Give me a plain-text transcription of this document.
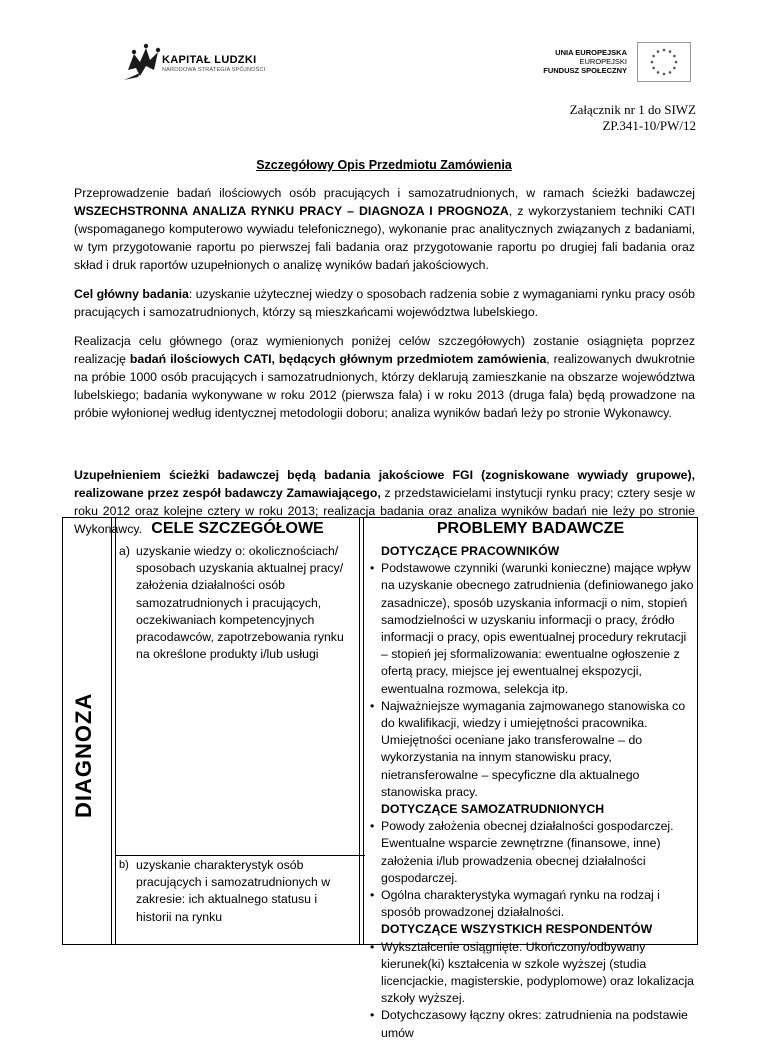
KAPITAŁ LUDZKI
NARODOWA STRATEGIA SPÓJNOŚCI
UNIA EUROPEJSKA
EUROPEJSKI
FUNDUSZ SPOŁECZNY
Załącznik nr 1 do SIWZ
ZP.341-10/PW/12
Szczegółowy Opis Przedmiotu Zamówienia
Przeprowadzenie badań ilościowych osób pracujących i samozatrudnionych, w ramach ścieżki badawczej WSZECHSTRONNA ANALIZA RYNKU PRACY – DIAGNOZA I PROGNOZA, z wykorzystaniem techniki CATI (wspomaganego komputerowo wywiadu telefonicznego), wykonanie prac analitycznych związanych z badaniami, w tym przygotowanie raportu po pierwszej fali badania oraz przygotowanie raportu po drugiej fali badania oraz skład i druk raportów uzupełnionych o analizę wyników badań jakościowych.
Cel główny badania: uzyskanie użytecznej wiedzy o sposobach radzenia sobie z wymaganiami rynku pracy osób pracujących i samozatrudnionych, którzy są mieszkańcami województwa lubelskiego.
Realizacja celu głównego (oraz wymienionych poniżej celów szczegółowych) zostanie osiągnięta poprzez realizację badań ilościowych CATI, będących głównym przedmiotem zamówienia, realizowanych dwukrotnie na próbie 1000 osób pracujących i samozatrudnionych, którzy deklarują zamieszkanie na obszarze województwa lubelskiego; badania wykonywane w roku 2012 (pierwsza fala) i w roku 2013 (druga fala) będą prowadzone na próbie wyłonionej według identycznej metodologii doboru; analiza wyników badań leży po stronie Wykonawcy.
Uzupełnieniem ścieżki badawczej będą badania jakościowe FGI (zogniskowane wywiady grupowe), realizowane przez zespół badawczy Zamawiającego, z przedstawicielami instytucji rynku pracy; cztery sesje w roku 2012 oraz kolejne cztery w roku 2013; realizacja badania oraz analiza wyników badań nie leży po stronie Wykonawcy.
DIAGNOZA
CELE SZCZEGÓŁOWE	PROBLEMY BADAWCZE
a) uzyskanie wiedzy o: okolicznościach/ sposobach uzyskania aktualnej pracy/ założenia działalności osób samozatrudnionych i pracujących, oczekiwaniach kompetencyjnych pracodawców, zapotrzebowania rynku na określone produkty i/lub usługi
b) uzyskanie charakterystyk osób pracujących i samozatrudnionych w zakresie: ich aktualnego statusu i historii na rynku
DOTYCZĄCE PRACOWNIKÓW
• Podstawowe czynniki (warunki konieczne) mające wpływ na uzyskanie obecnego zatrudnienia (definiowanego jako zasadnicze), sposób uzyskania informacji o nim, stopień samodzielności w uzyskaniu informacji o pracy, źródło informacji o pracy, opis ewentualnej procedury rekrutacji – stopień jej sformalizowania: ewentualne ogłoszenie z ofertą pracy, miejsce jej ewentualnej ekspozycji, ewentualna rozmowa, selekcja itp.
• Najważniejsze wymagania zajmowanego stanowiska co do kwalifikacji, wiedzy i umiejętności pracownika. Umiejętności oceniane jako transferowalne – do wykorzystania na innym stanowisku pracy, nietransferowalne – specyficzne dla aktualnego stanowiska pracy.
DOTYCZĄCE SAMOZATRUDNIONYCH
• Powody założenia obecnej działalności gospodarczej. Ewentualne wsparcie zewnętrzne (finansowe, inne) założenia i/lub prowadzenia obecnej działalności gospodarczej.
• Ogólna charakterystyka wymagań rynku na rodzaj i sposób prowadzonej działalności.
DOTYCZĄCE WSZYSTKICH RESPONDENTÓW
• Wykształcenie osiągnięte. Ukończony/odbywany kierunek(ki) kształcenia w szkole wyższej (studia licencjackie, magisterskie, podyplomowe) oraz lokalizacja szkoły wyższej.
• Dotychczasowy łączny okres: zatrudnienia na podstawie umów
